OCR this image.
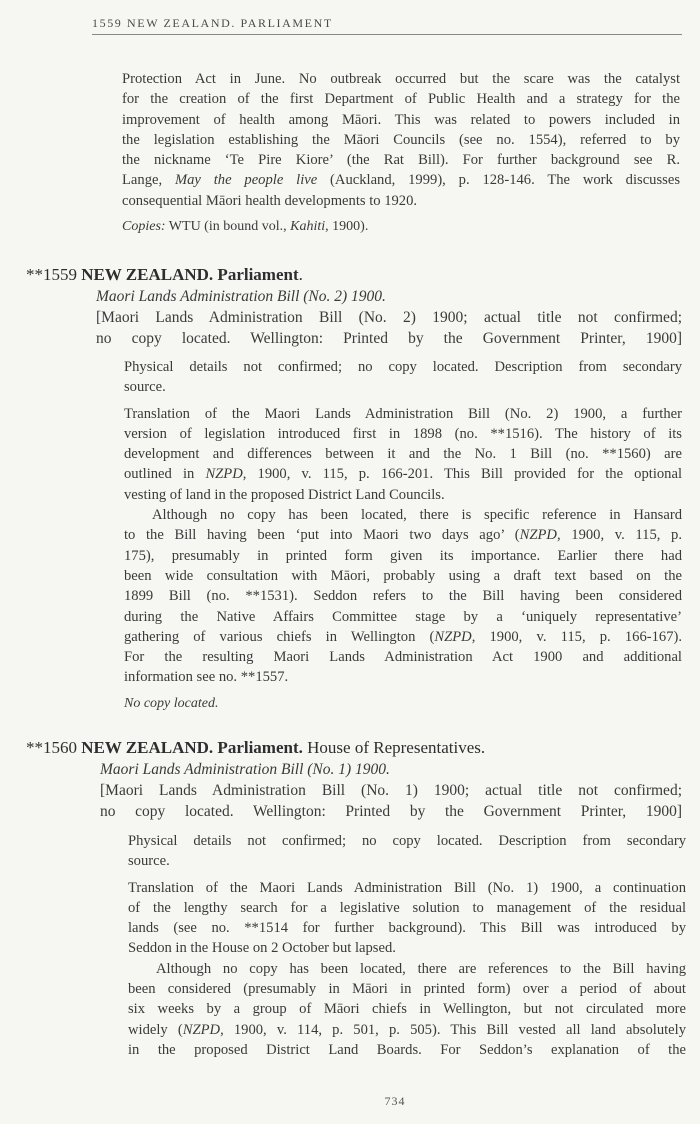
1559 NEW ZEALAND. PARLIAMENT
Protection Act in June. No outbreak occurred but the scare was the catalyst
for the creation of the first Department of Public Health and a strategy for the
improvement of health among Māori. This was related to powers included in
the legislation establishing the Māori Councils (see no. 1554), referred to by
the nickname ‘Te Pire Kiore’ (the Rat Bill). For further background see R.
Lange, May the people live (Auckland, 1999), p. 128-146. The work discusses
consequential Māori health developments to 1920.
Copies: WTU (in bound vol., Kahiti, 1900).
**1559 NEW ZEALAND. Parliament.
Maori Lands Administration Bill (No. 2) 1900.
[Maori Lands Administration Bill (No. 2) 1900; actual title not confirmed;
no copy located. Wellington: Printed by the Government Printer, 1900]
Physical details not confirmed; no copy located. Description from secondary
source.
Translation of the Maori Lands Administration Bill (No. 2) 1900, a further
version of legislation introduced first in 1898 (no. **1516). The history of its
development and differences between it and the No. 1 Bill (no. **1560) are
outlined in NZPD, 1900, v. 115, p. 166-201. This Bill provided for the optional
vesting of land in the proposed District Land Councils.
Although no copy has been located, there is specific reference in Hansard
to the Bill having been ‘put into Maori two days ago’ (NZPD, 1900, v. 115, p.
175), presumably in printed form given its importance. Earlier there had
been wide consultation with Māori, probably using a draft text based on the
1899 Bill (no. **1531). Seddon refers to the Bill having been considered
during the Native Affairs Committee stage by a ‘uniquely representative’
gathering of various chiefs in Wellington (NZPD, 1900, v. 115, p. 166-167).
For the resulting Maori Lands Administration Act 1900 and additional
information see no. **1557.
No copy located.
**1560 NEW ZEALAND. Parliament. House of Representatives.
Maori Lands Administration Bill (No. 1) 1900.
[Maori Lands Administration Bill (No. 1) 1900; actual title not confirmed;
no copy located. Wellington: Printed by the Government Printer, 1900]
Physical details not confirmed; no copy located. Description from secondary
source.
Translation of the Maori Lands Administration Bill (No. 1) 1900, a continuation
of the lengthy search for a legislative solution to management of the residual
lands (see no. **1514 for further background). This Bill was introduced by
Seddon in the House on 2 October but lapsed.
Although no copy has been located, there are references to the Bill having
been considered (presumably in Māori in printed form) over a period of about
six weeks by a group of Māori chiefs in Wellington, but not circulated more
widely (NZPD, 1900, v. 114, p. 501, p. 505). This Bill vested all land absolutely
in the proposed District Land Boards. For Seddon’s explanation of the
734
